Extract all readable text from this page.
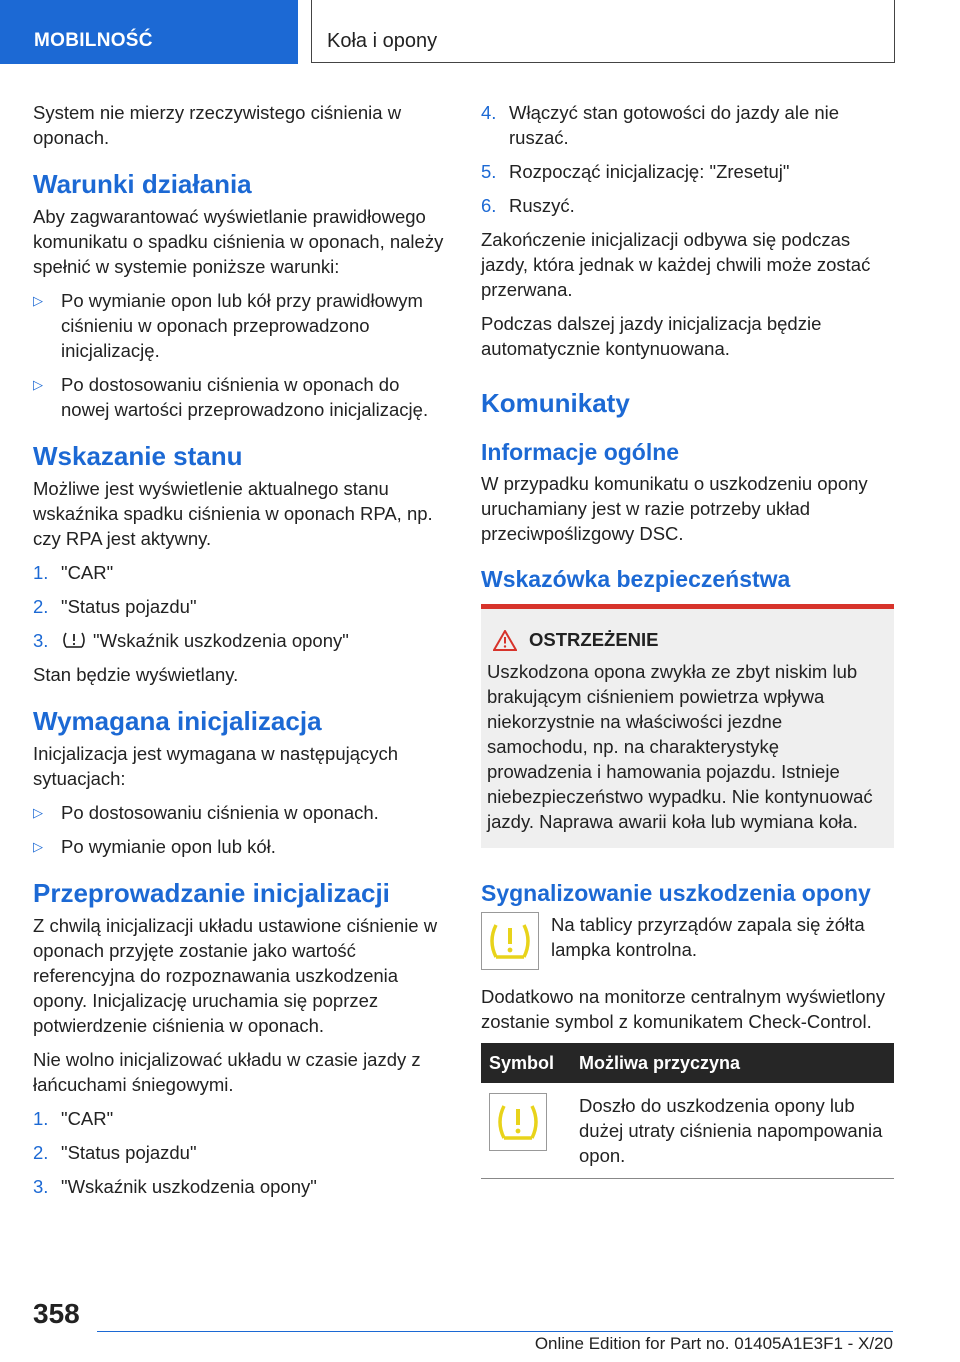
MOBILNOŚĆ	Koła i opony

System nie mierzy rzeczywistego ciśnienia w oponach.

Warunki działania

Aby zagwarantować wyświetlanie prawidłowego komunikatu o spadku ciśnienia w oponach, należy spełnić w systemie poniższe warunki:

▷ Po wymianie opon lub kół przy prawidłowym ciśnieniu w oponach przeprowadzono inicjalizację.
▷ Po dostosowaniu ciśnienia w oponach do nowej wartości przeprowadzono inicjalizację.
Wskazanie stanu

Możliwe jest wyświetlenie aktualnego stanu wskaźnika spadku ciśnienia w oponach RPA, np. czy RPA jest aktywny.

1. "CAR"
2. "Status pojazdu"
3. "Wskaźnik uszkodzenia opony"

Stan będzie wyświetlany.

Wymagana inicjalizacja

Inicjalizacja jest wymagana w następujących sytuacjach:

▷ Po dostosowaniu ciśnienia w oponach.
▷ Po wymianie opon lub kół.
Przeprowadzanie inicjalizacji

Z chwilą inicjalizacji układu ustawione ciśnienie w oponach przyjęte zostanie jako wartość referencyjna do rozpoznawania uszkodzenia opony. Inicjalizację uruchamia się poprzez potwierdzenie ciśnienia w oponach.

Nie wolno inicjalizować układu w czasie jazdy z łańcuchami śniegowymi.

1. "CAR"
2. "Status pojazdu"
3. "Wskaźnik uszkodzenia opony"
4. Włączyć stan gotowości do jazdy ale nie ruszać.
5. Rozpocząć inicjalizację: "Zresetuj"
6. Ruszyć.

Zakończenie inicjalizacji odbywa się podczas jazdy, która jednak w każdej chwili może zostać przerwana.

Podczas dalszej jazdy inicjalizacja będzie automatycznie kontynuowana.

Komunikaty
Informacje ogólne

W przypadku komunikatu o uszkodzeniu opony uruchamiany jest w razie potrzeby układ przeciwpoślizgowy DSC.

Wskazówka bezpieczeństwa
OSTRZEŻENIE

Uszkodzona opona zwykła ze zbyt niskim lub brakującym ciśnieniem powietrza wpływa niekorzystnie na właściwości jezdne samochodu, np. na charakterystykę prowadzenia i hamowania pojazdu. Istnieje niebezpieczeństwo wypadku. Nie kontynuować jazdy. Naprawa awarii koła lub wymiana koła.

Sygnalizowanie uszkodzenia opony

Na tablicy przyrządów zapala się żółta lampka kontrolna.

Dodatkowo na monitorze centralnym wyświetlony zostanie symbol z komunikatem Check-Control.

Symbol	Możliwa przyczyna

	Doszło do uszkodzenia opony lub dużej utraty ciśnienia napompowania opon.
358
Online Edition for Part no. 01405A1E3F1 - X/20
